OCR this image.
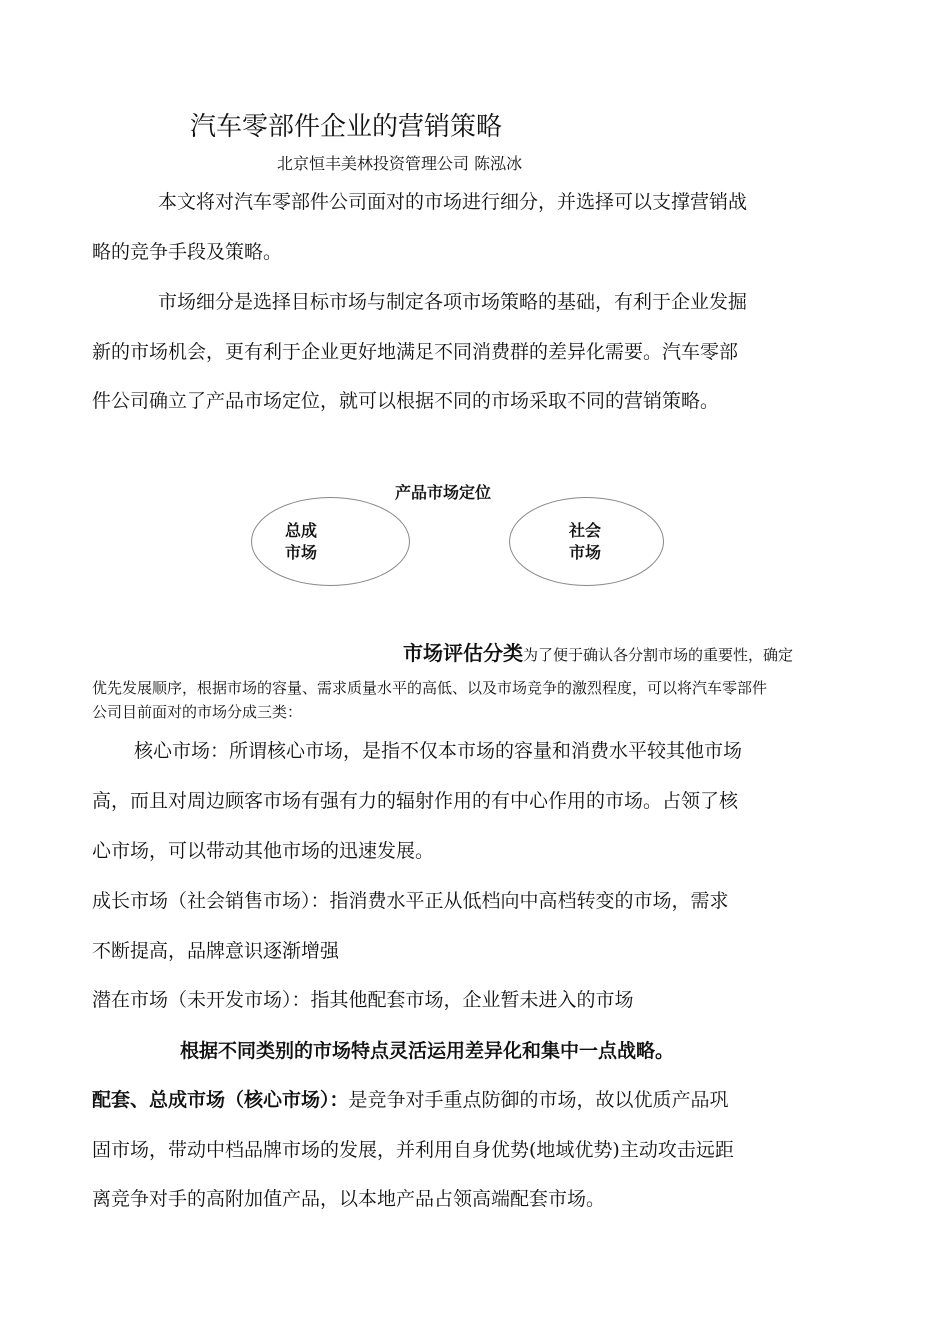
汽车零部件企业的营销策略
北京恒丰美林投资管理公司 陈泓冰
本文将对汽车零部件公司面对的市场进行细分，并选择可以支撑营销战
略的竞争手段及策略。
市场细分是选择目标市场与制定各项市场策略的基础，有利于企业发掘
新的市场机会，更有利于企业更好地满足不同消费群的差异化需要。汽车零部
件公司确立了产品市场定位，就可以根据不同的市场采取不同的营销策略。
产品市场定位
总成
市场
社会
市场
市场评估分类为了便于确认各分割市场的重要性，确定
优先发展顺序，根据市场的容量、需求质量水平的高低、以及市场竞争的激烈程度，可以将汽车零部件
公司目前面对的市场分成三类：
核心市场：所谓核心市场，是指不仅本市场的容量和消费水平较其他市场
高，而且对周边顾客市场有强有力的辐射作用的有中心作用的市场。占领了核
心市场，可以带动其他市场的迅速发展。
成长市场（社会销售市场）：指消费水平正从低档向中高档转变的市场，需求
不断提高，品牌意识逐渐增强
潜在市场（未开发市场）：指其他配套市场，企业暂未进入的市场
根据不同类别的市场特点灵活运用差异化和集中一点战略。
配套、总成市场（核心市场）：是竞争对手重点防御的市场，故以优质产品巩
固市场，带动中档品牌市场的发展，并利用自身优势(地域优势)主动攻击远距
离竞争对手的高附加值产品，以本地产品占领高端配套市场。
